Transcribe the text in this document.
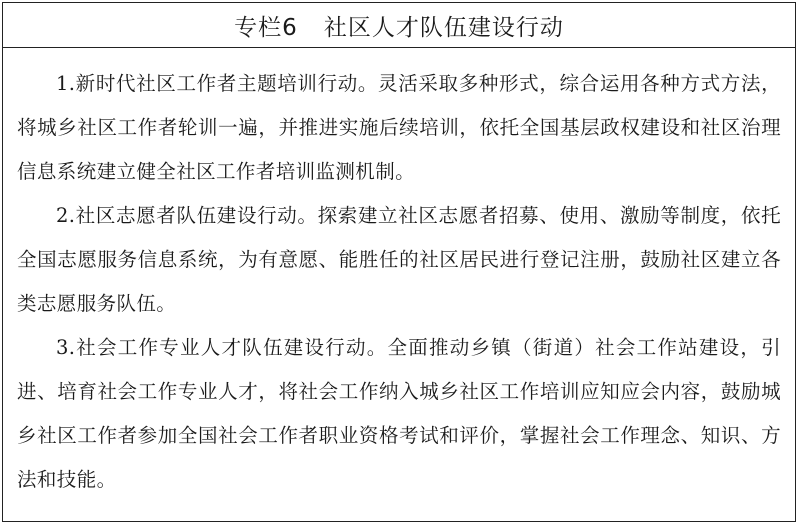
专栏6 社区人才队伍建设行动

1.新时代社区工作者主题培训行动。灵活采取多种形式，综合运用各种方式方法，将城乡社区工作者轮训一遍，并推进实施后续培训，依托全国基层政权建设和社区治理信息系统建立健全社区工作者培训监测机制。

2.社区志愿者队伍建设行动。探索建立社区志愿者招募、使用、激励等制度，依托全国志愿服务信息系统，为有意愿、能胜任的社区居民进行登记注册，鼓励社区建立各类志愿服务队伍。

3.社会工作专业人才队伍建设行动。全面推动乡镇（街道）社会工作站建设，引进、培育社会工作专业人才，将社会工作纳入城乡社区工作培训应知应会内容，鼓励城乡社区工作者参加全国社会工作者职业资格考试和评价，掌握社会工作理念、知识、方法和技能。
